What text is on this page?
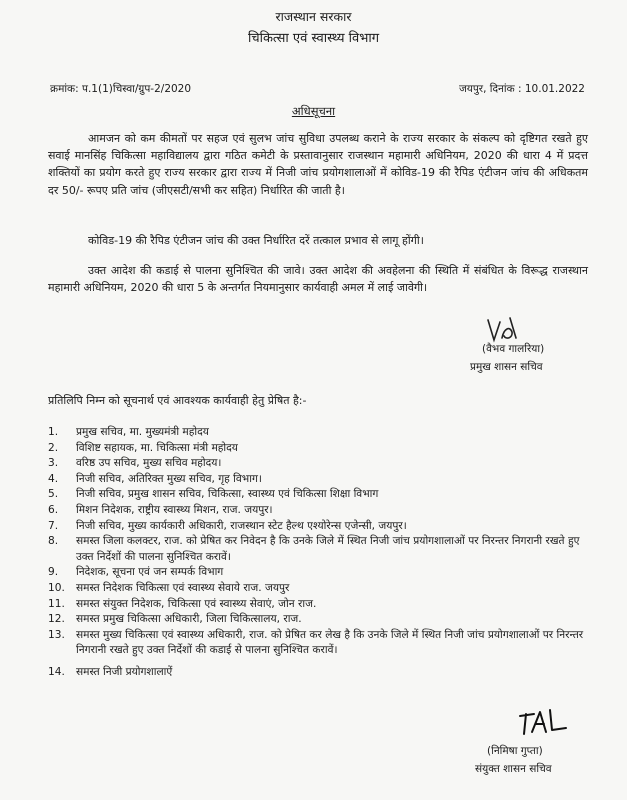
राजस्थान सरकार
चिकित्सा एवं स्वास्थ्य विभाग
क्रमांक: प.1(1)चिस्वा/ग्रुप-2/2020	जयपुर, दिनांक : 10.01.2022
अधिसूचना
आमजन को कम कीमतों पर सहज एवं सुलभ जांच सुविधा उपलब्ध कराने के राज्य सरकार के संकल्प को दृष्टिगत रखते हुए सवाई मानसिंह चिकित्सा महाविद्यालय द्वारा गठित कमेटी के प्रस्तावानुसार राजस्थान महामारी अधिनियम, 2020 की धारा 4 में प्रदत्त शक्तियों का प्रयोग करते हुए राज्य सरकार द्वारा राज्य में निजी जांच प्रयोगशालाओं में कोविड-19 की रैपिड एंटीजन जांच की अधिकतम दर 50/- रूपए प्रति जांच (जीएसटी/सभी कर सहित) निर्धारित की जाती है।
कोविड-19 की रैपिड एंटीजन जांच की उक्त निर्धारित दरें तत्काल प्रभाव से लागू होंगी।
उक्त आदेश की कडाई से पालना सुनिश्चित की जावे। उक्त आदेश की अवहेलना की स्थिति में संबंधित के विरूद्ध राजस्थान महामारी अधिनियम, 2020 की धारा 5 के अन्तर्गत नियमानुसार कार्यवाही अमल में लाई जावेगी।
(वैभव गालरिया)
प्रमुख शासन सचिव
प्रतिलिपि निम्न को सूचनार्थ एवं आवश्यक कार्यवाही हेतु प्रेषित है:-
1. प्रमुख सचिव, मा. मुख्यमंत्री महोदय
2. विशिष्ट सहायक, मा. चिकित्सा मंत्री महोदय
3. वरिष्ठ उप सचिव, मुख्य सचिव महोदय।
4. निजी सचिव, अतिरिक्त मुख्य सचिव, गृह विभाग।
5. निजी सचिव, प्रमुख शासन सचिव, चिकित्सा, स्वास्थ्य एवं चिकित्सा शिक्षा विभाग
6. मिशन निदेशक, राष्ट्रीय स्वास्थ्य मिशन, राज. जयपुर।
7. निजी सचिव, मुख्य कार्यकारी अधिकारी, राजस्थान स्टेट हैल्थ एश्योरेन्स एजेन्सी, जयपुर।
8. समस्त जिला कलक्टर, राज. को प्रेषित कर निवेदन है कि उनके जिले में स्थित निजी जांच प्रयोगशालाओं पर निरन्तर निगरानी रखते हुए उक्त निर्देशों की पालना सुनिश्चित करावें।
9. निदेशक, सूचना एवं जन सम्पर्क विभाग
10. समस्त निदेशक चिकित्सा एवं स्वास्थ्य सेवाये राज. जयपुर
11. समस्त संयुक्त निदेशक, चिकित्सा एवं स्वास्थ्य सेवाएं, जोन राज.
12. समस्त प्रमुख चिकित्सा अधिकारी, जिला चिकित्सालय, राज.
13. समस्त मुख्य चिकित्सा एवं स्वास्थ्य अधिकारी, राज. को प्रेषित कर लेख है कि उनके जिले में स्थित निजी जांच प्रयोगशालाओं पर निरन्तर निगरानी रखते हुए उक्त निर्देशों की कडाई से पालना सुनिश्चित करावें।
14. समस्त निजी प्रयोगशालाऐं
(निमिषा गुप्ता)
संयुक्त शासन सचिव
